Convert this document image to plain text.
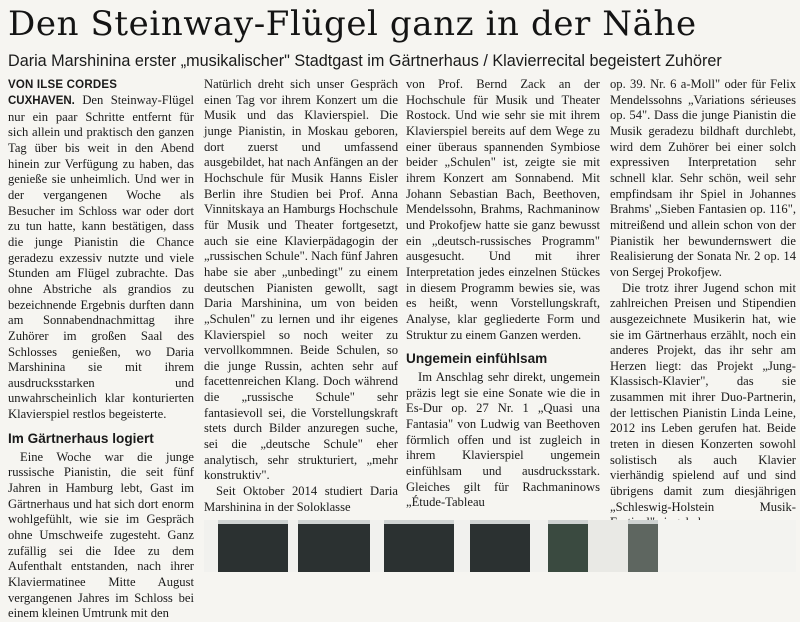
Den Steinway-Flügel ganz in der Nähe
Daria Marshinina erster „musikalischer" Stadtgast im Gärtnerhaus / Klavierrecital begeistert Zuhörer

VON ILSE CORDES

CUXHAVEN. Den Steinway-Flügel nur ein paar Schritte entfernt für sich allein und praktisch den ganzen Tag über bis weit in den Abend hinein zur Verfügung zu haben, das genieße sie unheimlich. Und wer in der vergangenen Woche als Besucher im Schloss war oder dort zu tun hatte, kann bestätigen, dass die junge Pianistin die Chance geradezu exzessiv nutzte und viele Stunden am Flügel zubrachte. Das ohne Abstriche als grandios zu bezeichnende Ergebnis durften dann am Sonnabendnachmittag ihre Zuhörer im großen Saal des Schlosses genießen, wo Daria Marshinina sie mit ihrem ausdrucksstarken und unwahrscheinlich klar konturierten Klavierspiel restlos begeisterte.

Im Gärtnerhaus logiert

Eine Woche war die junge russische Pianistin, die seit fünf Jahren in Hamburg lebt, Gast im Gärtnerhaus und hat sich dort enorm wohlgefühlt, wie sie im Gespräch ohne Umschweife zugesteht. Ganz zufällig sei die Idee zu dem Aufenthalt entstanden, nach ihrer Klaviermatinee Mitte August vergangenen Jahres im Schloss bei einem kleinen Umtrunk mit den

Natürlich dreht sich unser Gespräch einen Tag vor ihrem Konzert um die Musik und das Klavierspiel. Die junge Pianistin, in Moskau geboren, dort zuerst und umfassend ausgebildet, hat nach Anfängen an der Hochschule für Musik Hanns Eisler Berlin ihre Studien bei Prof. Anna Vinnitskaya an Hamburgs Hochschule für Musik und Theater fortgesetzt, auch sie eine Klavierpädagogin der „russischen Schule". Nach fünf Jahren habe sie aber „unbedingt" zu einem deutschen Pianisten gewollt, sagt Daria Marshinina, um von beiden „Schulen" zu lernen und ihr eigenes Klavierspiel so noch weiter zu vervollkommnen. Beide Schulen, so die junge Russin, achten sehr auf facettenreichen Klang. Doch während die „russische Schule" sehr fantasievoll sei, die Vorstellungskraft stets durch Bilder anzuregen suche, sei die „deutsche Schule" eher analytisch, sehr strukturiert, „mehr konstruktiv".

Seit Oktober 2014 studiert Daria Marshinina in der Soloklasse

von Prof. Bernd Zack an der Hochschule für Musik und Theater Rostock. Und wie sehr sie mit ihrem Klavierspiel bereits auf dem Wege zu einer überaus spannenden Symbiose beider „Schulen" ist, zeigte sie mit ihrem Konzert am Sonnabend. Mit Johann Sebastian Bach, Beethoven, Mendelssohn, Brahms, Rachmaninow und Prokofjew hatte sie ganz bewusst ein „deutsch-russisches Programm" ausgesucht. Und mit ihrer Interpretation jedes einzelnen Stückes in diesem Programm bewies sie, was es heißt, wenn Vorstellungskraft, Analyse, klar gegliederte Form und Struktur zu einem Ganzen werden.

Ungemein einfühlsam

Im Anschlag sehr direkt, ungemein präzis legt sie eine Sonate wie die in Es-Dur op. 27 Nr. 1 „Quasi una Fantasia" von Ludwig van Beethoven förmlich offen und ist zugleich in ihrem Klavierspiel ungemein einfühlsam und ausdrucksstark. Gleiches gilt für Rachmaninows „Étude-Tableau

op. 39. Nr. 6 a-Moll" oder für Felix Mendelssohns „Variations sérieuses op. 54". Dass die junge Pianistin die Musik geradezu bildhaft durchlebt, wird dem Zuhörer bei einer solch expressiven Interpretation sehr schnell klar. Sehr schön, weil sehr empfindsam ihr Spiel in Johannes Brahms' „Sieben Fantasien op. 116", mitreißend und allein schon von der Pianistik her bewundernswert die Realisierung der Sonata Nr. 2 op. 14 von Sergej Prokofjew.

Die trotz ihrer Jugend schon mit zahlreichen Preisen und Stipendien ausgezeichnete Musikerin hat, wie sie im Gärtnerhaus erzählt, noch ein anderes Projekt, das ihr sehr am Herzen liegt: das Projekt „Jung-Klassisch-Klavier", das sie zusammen mit ihrer Duo-Partnerin, der lettischen Pianistin Linda Leine, 2012 ins Leben gerufen hat. Beide treten in diesen Konzerten sowohl solistisch als auch Klavier vierhändig spielend auf und sind übrigens damit zum diesjährigen „Schleswig-Holstein Musik-
